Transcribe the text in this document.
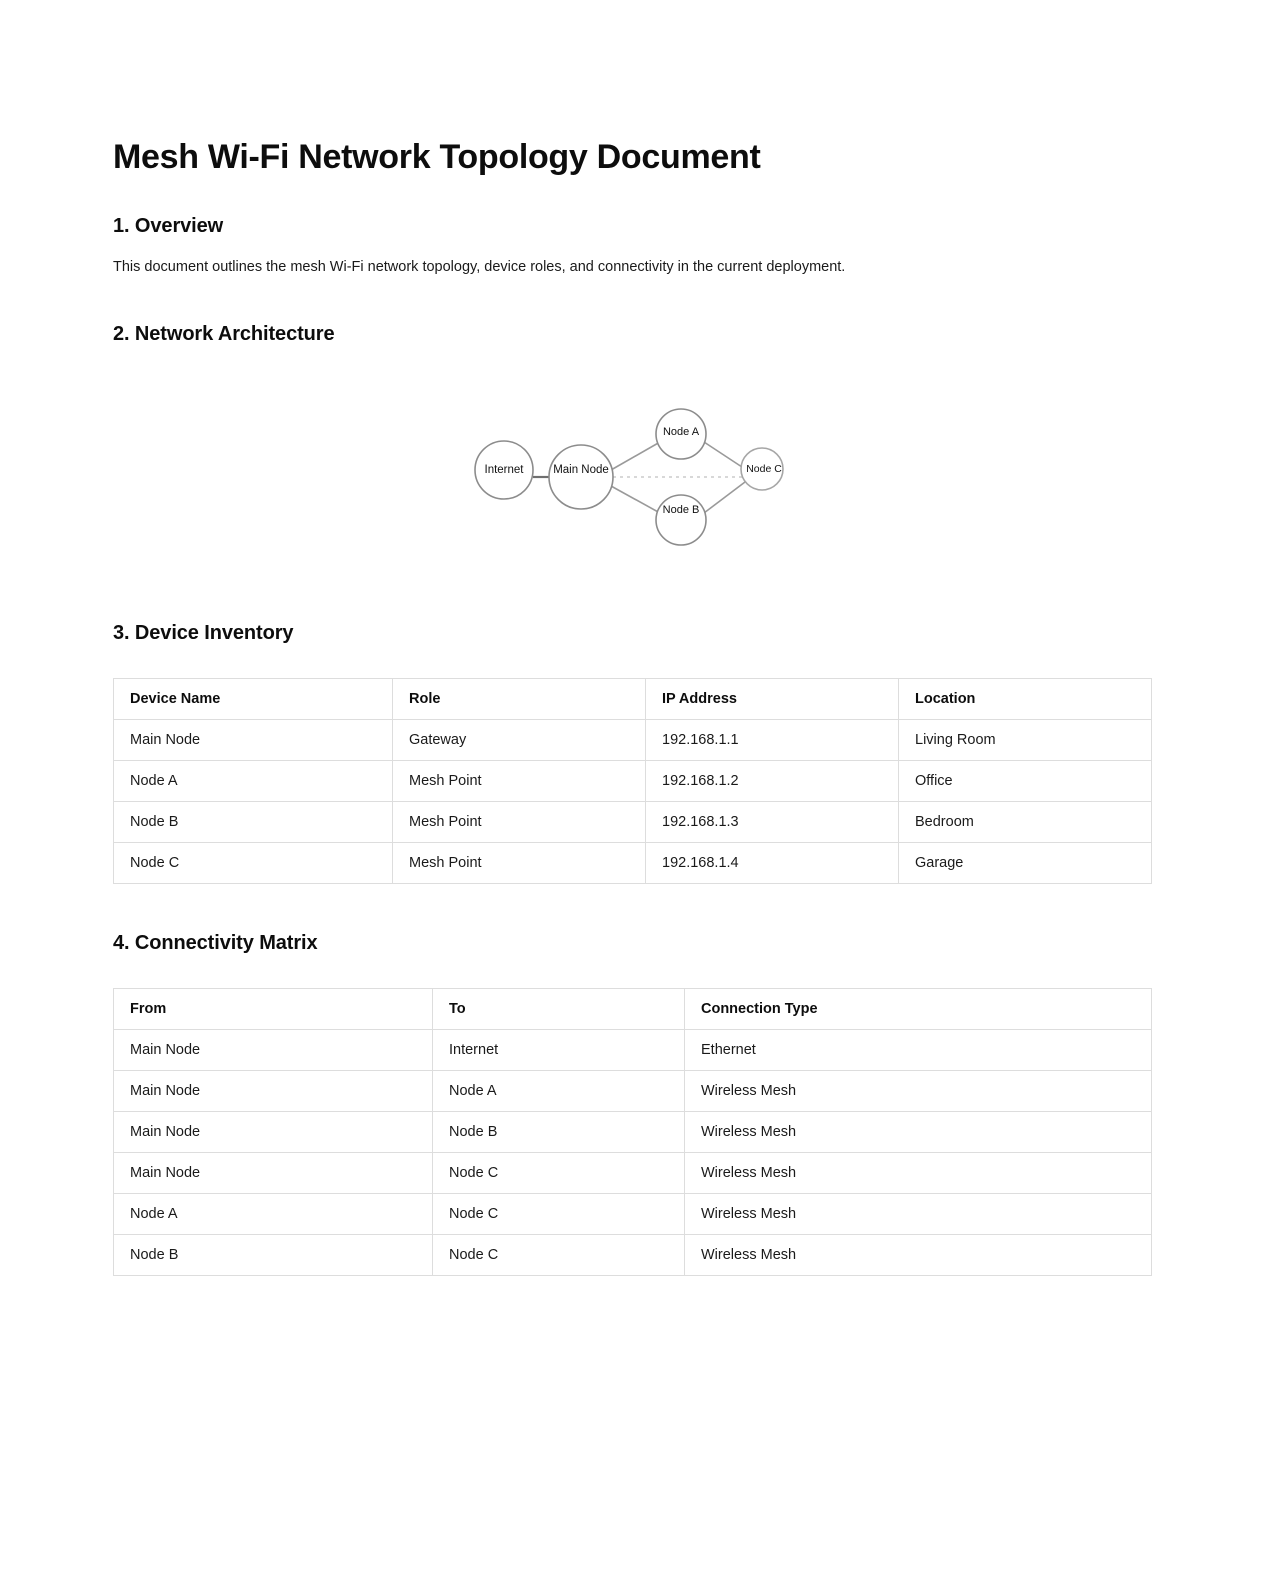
Mesh Wi-Fi Network Topology Document
1. Overview
This document outlines the mesh Wi-Fi network topology, device roles, and connectivity in the current deployment.
2. Network Architecture
Internet	Main Node
Node A
Node B
Node C
3. Device Inventory
Device Name	Role	IP Address	Location
Main Node	Gateway	192.168.1.1	Living Room
Node A	Mesh Point	192.168.1.2	Office
Node B	Mesh Point	192.168.1.3	Bedroom
Node C	Mesh Point	192.168.1.4	Garage
4. Connectivity Matrix
From	To	Connection Type
Main Node	Internet	Ethernet
Main Node	Node A	Wireless Mesh
Main Node	Node B	Wireless Mesh
Main Node	Node C	Wireless Mesh
Node A	Node C	Wireless Mesh
Node B	Node C	Wireless Mesh
